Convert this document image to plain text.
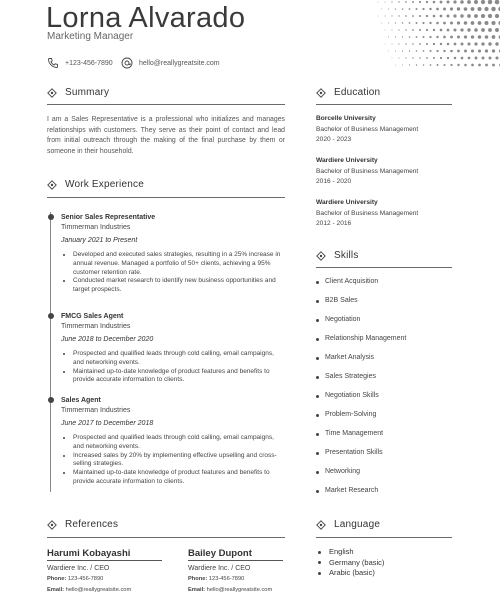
Lorna Alvarado
Marketing Manager
+123-456-7890	hello@reallygreatsite.com
Summary
I am a Sales Representative is a professional who initializes and manages relationships with customers. They serve as their point of contact and lead from initial outreach through the making of the final purchase by them or someone in their household.
Work Experience
Senior Sales Representative
Timmerman Industries
January 2021 to Present
• Developed and executed sales strategies, resulting in a 25% increase in annual revenue. Managed a portfolio of 50+ clients, achieving a 95% customer retention rate.
• Conducted market research to identify new business opportunities and target prospects.
FMCG Sales Agent
Timmerman Industries
June 2018 to December 2020
• Prospected and qualified leads through cold calling, email campaigns, and networking events.
• Maintained up-to-date knowledge of product features and benefits to provide accurate information to clients.
Sales Agent
Timmerman Industries
June 2017 to December 2018
• Prospected and qualified leads through cold calling, email campaigns, and networking events.
• Increased sales by 20% by implementing effective upselling and cross-selling strategies.
• Maintained up-to-date knowledge of product features and benefits to provide accurate information to clients.
References
Harumi Kobayashi
Wardiere Inc. / CEO
Phone: 123-456-7890
Email: hello@reallygreatsite.com
Bailey Dupont
Wardiere Inc. / CEO
Phone: 123-456-7890
Email: hello@reallygreatsite.com
Education
Borcelle University
Bachelor of Business Management
2020 - 2023
Wardiere University
Bachelor of Business Management
2016 - 2020
Wardiere University
Bachelor of Business Management
2012 - 2016
Skills
Client Acquisition
B2B Sales
Negotiation
Relationship Management
Market Analysis
Sales Strategies
Negotiation Skills
Problem-Solving
Time Management
Presentation Skills
Networking
Market Research
Language
English
Germany (basic)
Arabic (basic)
